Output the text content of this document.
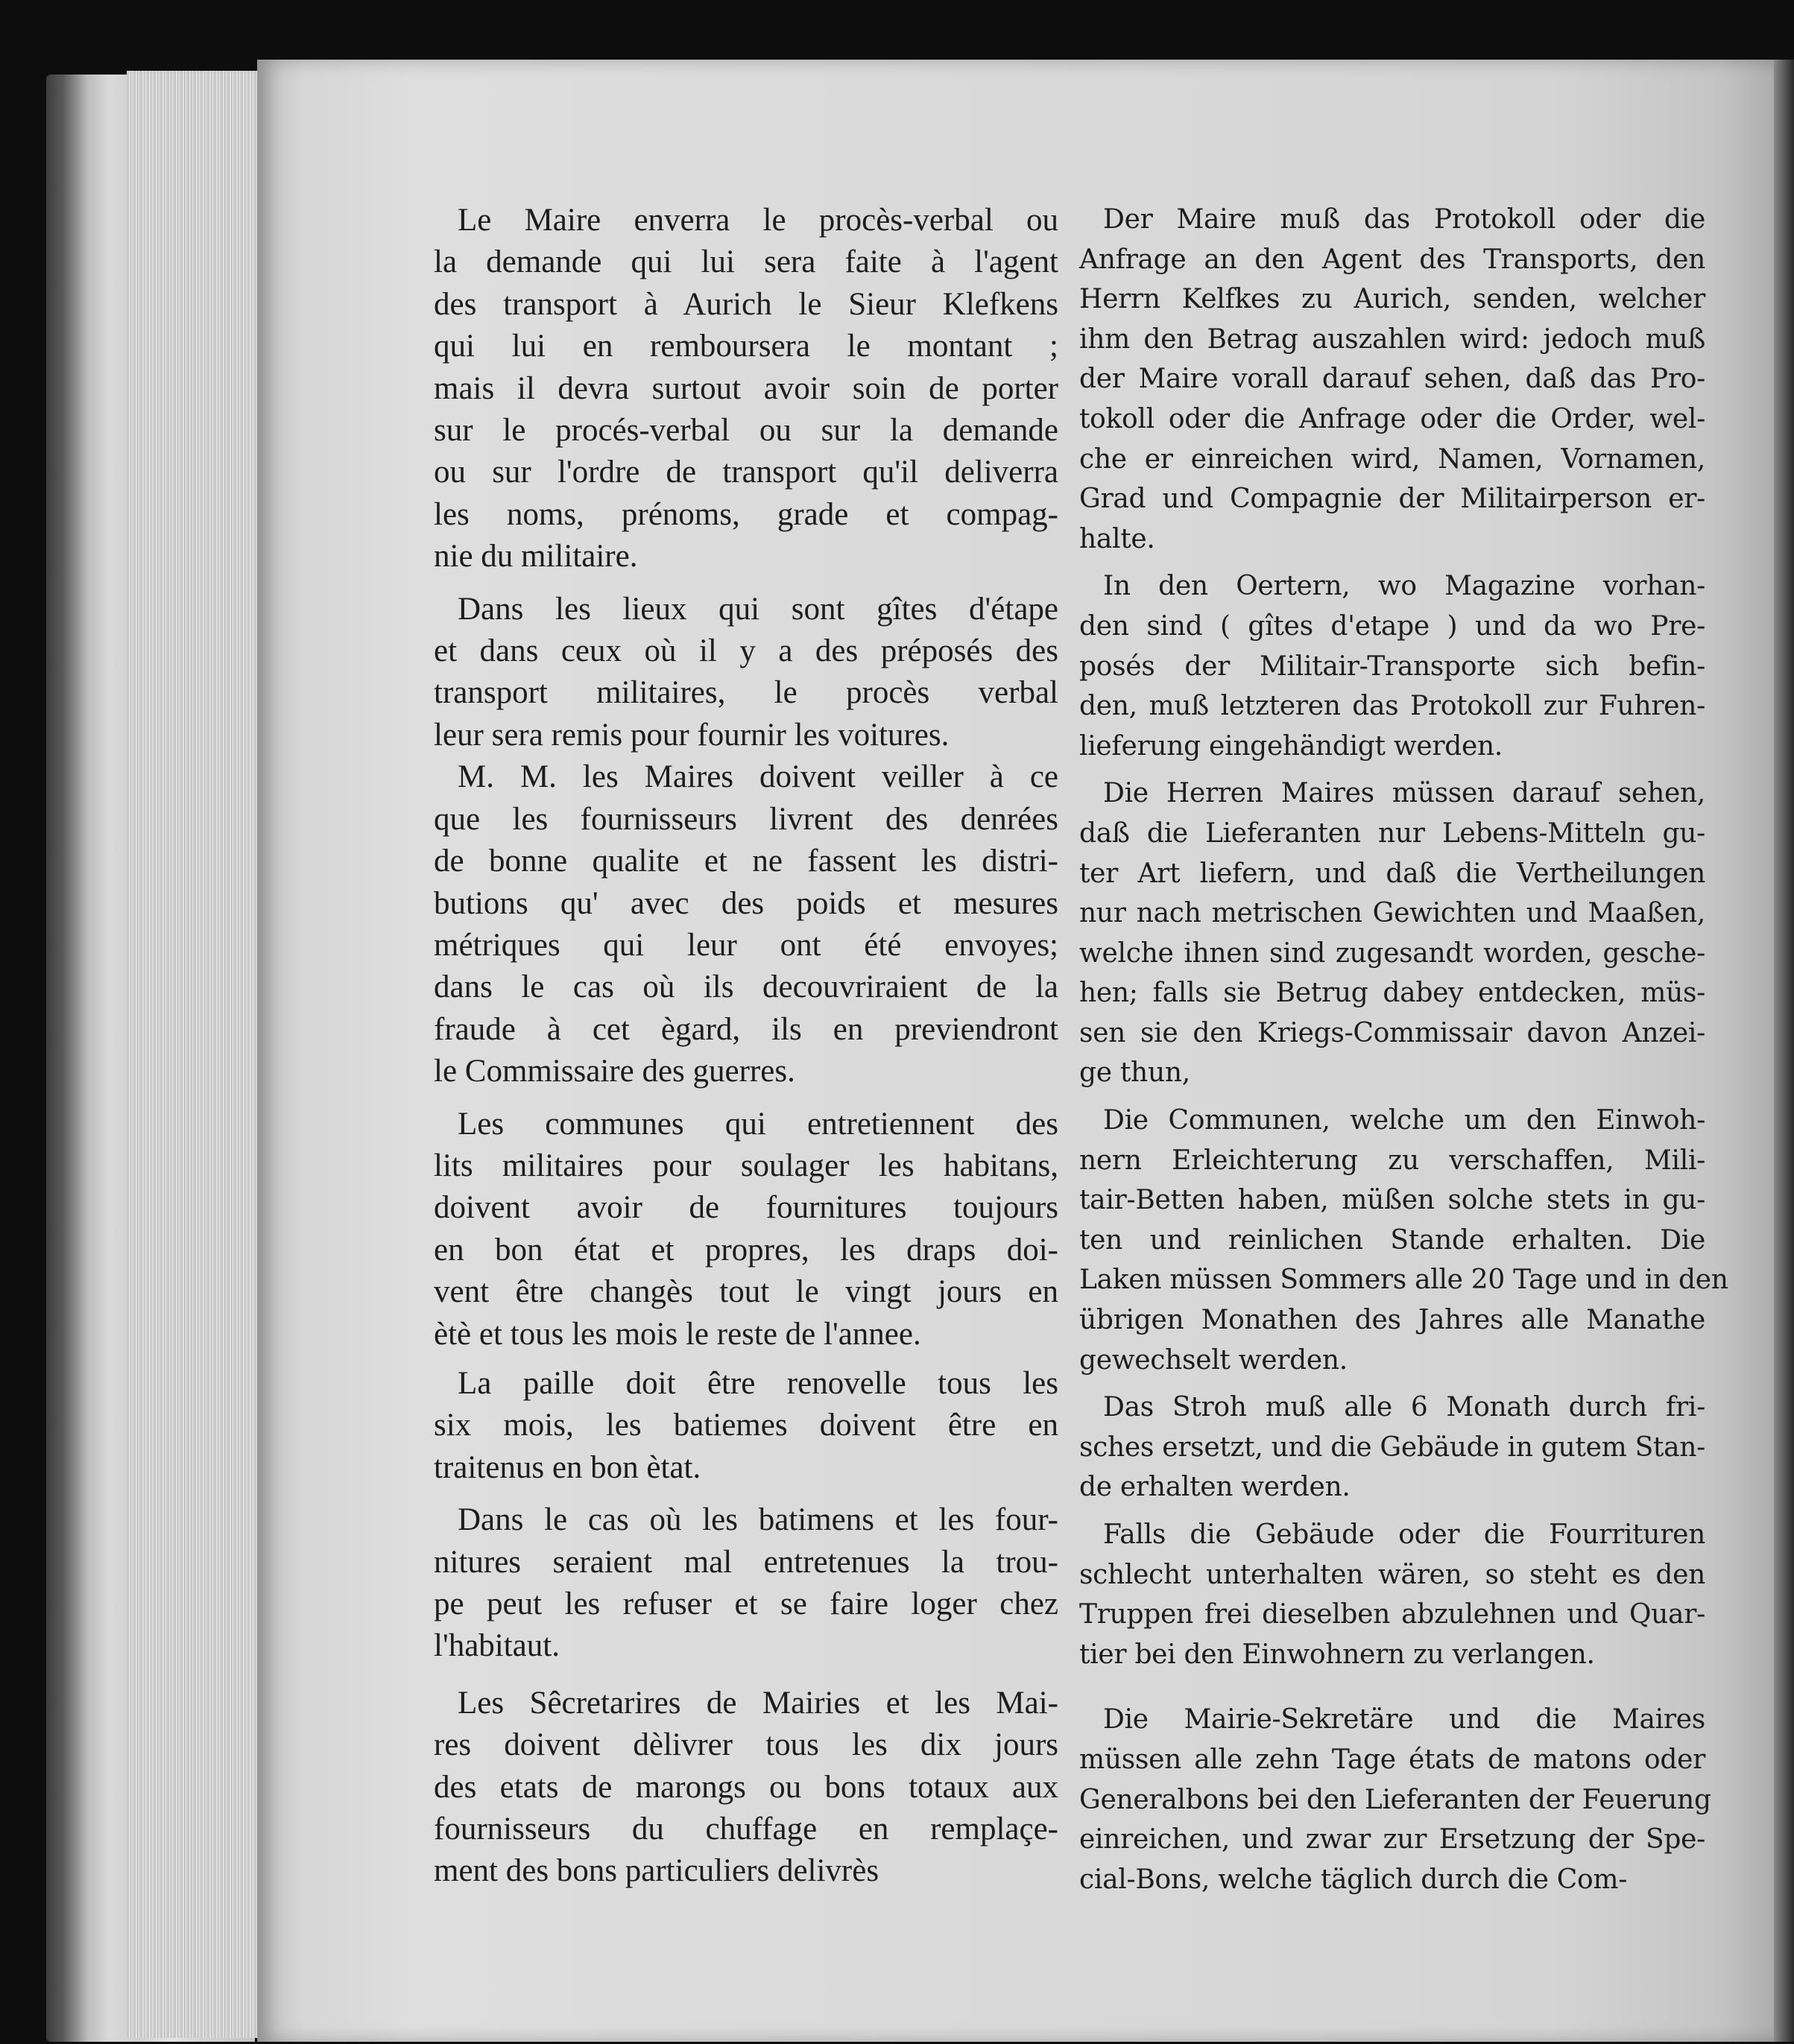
Le Maire enverra le procès-verbal ou
la demande qui lui sera faite à l'agent
des transport à Aurich le Sieur Klefkens
qui lui en remboursera le montant ;
mais il devra surtout avoir soin de porter
sur le procés-verbal ou sur la demande
ou sur l'ordre de transport qu'il deliverra
les noms, prénoms, grade et compag-
nie du militaire.
Dans les lieux qui sont gîtes d'étape
et dans ceux où il y a des préposés des
transport militaires, le procès verbal
leur sera remis pour fournir les voitures.
M. M. les Maires doivent veiller à ce
que les fournisseurs livrent des denrées
de bonne qualite et ne fassent les distri-
butions qu' avec des poids et mesures
métriques qui leur ont été envoyes;
dans le cas où ils decouvriraient de la
fraude à cet ègard, ils en previendront
le Commissaire des guerres.
Les communes qui entretiennent des
lits militaires pour soulager les habitans,
doivent avoir de fournitures toujours
en bon état et propres, les draps doi-
vent être changès tout le vingt jours en
ètè et tous les mois le reste de l'annee.
La paille doit être renovelle tous les
six mois, les batiemes doivent être en
traitenus en bon ètat.
Dans le cas où les batimens et les four-
nitures seraient mal entretenues la trou-
pe peut les refuser et se faire loger chez
l'habitaut.
Les Sêcretarires de Mairies et les Mai-
res doivent dèlivrer tous les dix jours
des etats de marongs ou bons totaux aux
fournisseurs du chuffage en remplaçe-
ment des bons particuliers delivrès
Der Maire muß das Protokoll oder die
Anfrage an den Agent des Transports, den
Herrn Kelfkes zu Aurich, senden, welcher
ihm den Betrag auszahlen wird: jedoch muß
der Maire vorall darauf sehen, daß das Pro-
tokoll oder die Anfrage oder die Order, wel-
che er einreichen wird, Namen, Vornamen,
Grad und Compagnie der Militairperson er-
halte.
In den Oertern, wo Magazine vorhan-
den sind ( gîtes d'etape ) und da wo Pre-
posés der Militair-Transporte sich befin-
den, muß letzteren das Protokoll zur Fuhren-
lieferung eingehändigt werden.
Die Herren Maires müssen darauf sehen,
daß die Lieferanten nur Lebens-Mitteln gu-
ter Art liefern, und daß die Vertheilungen
nur nach metrischen Gewichten und Maaßen,
welche ihnen sind zugesandt worden, gesche-
hen; falls sie Betrug dabey entdecken, müs-
sen sie den Kriegs-Commissair davon Anzei-
ge thun,
Die Communen, welche um den Einwoh-
nern Erleichterung zu verschaffen, Mili-
tair-Betten haben, müßen solche stets in gu-
ten und reinlichen Stande erhalten. Die
Laken müssen Sommers alle 20 Tage und in den
übrigen Monathen des Jahres alle Manathe
gewechselt werden.
Das Stroh muß alle 6 Monath durch fri-
sches ersetzt, und die Gebäude in gutem Stan-
de erhalten werden.
Falls die Gebäude oder die Fourrituren
schlecht unterhalten wären, so steht es den
Truppen frei dieselben abzulehnen und Quar-
tier bei den Einwohnern zu verlangen.
Die Mairie-Sekretäre und die Maires
müssen alle zehn Tage états de matons oder
Generalbons bei den Lieferanten der Feuerung
einreichen, und zwar zur Ersetzung der Spe-
cial-Bons, welche täglich durch die Com-
